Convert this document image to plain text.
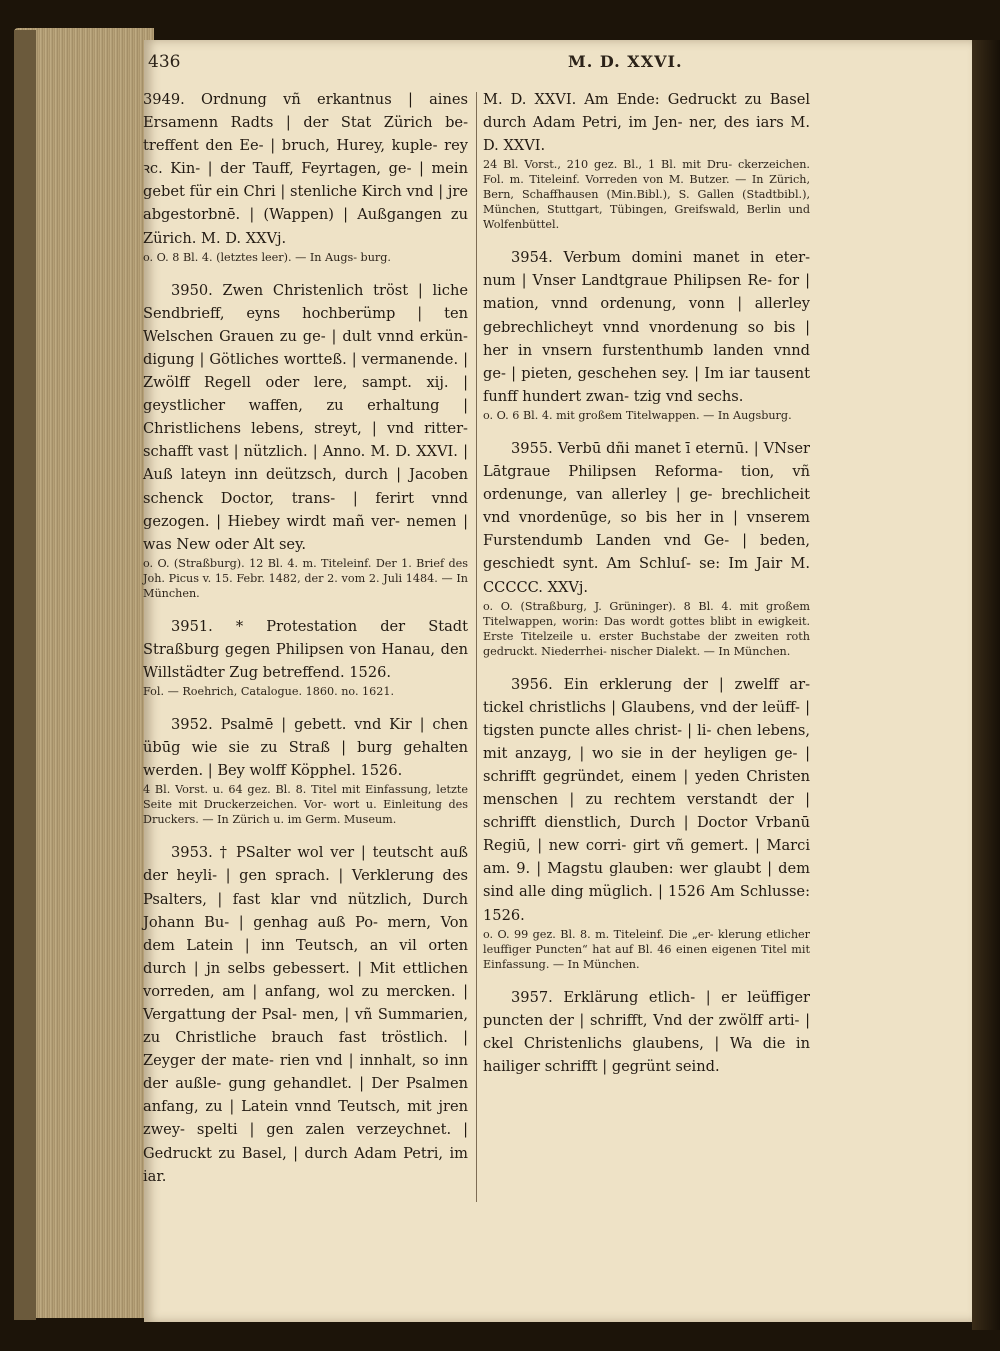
436	M. D. XXVI.

3949. Ordnung vñ erkantnus | aines Ersamenn Radts | der Stat Zürich be- treffent den Ee- | bruch, Hurey, kuple- rey ꝛc. Kin- | der Tauff, Feyrtagen, ge- | mein gebet für ein Chri | stenliche Kirch vnd | jre abgestorbnē. | (Wappen) | Außgangen zu Zürich. M. D. XXVj.

o. O. 8 Bl. 4. (letztes leer). — In Augs- burg.

3950. Zwen Christenlich tröst | liche Sendbrieff, eyns hochberümp | ten Welschen Grauen zu ge- | dult vnnd erkün- digung | Götliches wortteß. | vermanende. | Zwölff Regell oder lere, sampt. xij. | geystlicher waffen, zu erhaltung | Christlichens lebens, streyt, | vnd ritter- schafft vast | nützlich. | Anno. M. D. XXVI. | Auß lateyn inn deützsch, durch | Jacoben schenck Doctor, trans- | ferirt vnnd gezogen. | Hiebey wirdt mañ ver- nemen | was New oder Alt sey.

o. O. (Straßburg). 12 Bl. 4. m. Titeleinf. Der 1. Brief des Joh. Picus v. 15. Febr. 1482, der 2. vom 2. Juli 1484. — In München.

3951. * Protestation der Stadt Straßburg gegen Philipsen von Hanau, den Willstädter Zug betreffend. 1526.

Fol. — Roehrich, Catalogue. 1860. no. 1621.

3952. Psalmē | gebett. vnd Kir | chen übūg wie sie zu Straß | burg gehalten werden. | Bey wolff Köpphel. 1526.

4 Bl. Vorst. u. 64 gez. Bl. 8. Titel mit Einfassung, letzte Seite mit Druckerzeichen. Vor- wort u. Einleitung des Druckers. — In Zürich u. im Germ. Museum.

3953. † PSalter wol ver | teutscht auß der heyli- | gen sprach. | Verklerung des Psalters, | fast klar vnd nützlich, Durch Johann Bu- | genhag auß Po- mern, Von dem Latein | inn Teutsch, an vil orten durch | jn selbs gebessert. | Mit ettlichen vorreden, am | anfang, wol zu mercken. | Vergattung der Psal- men, | vñ Summarien, zu Christliche brauch fast tröstlich. | Zeyger der mate- rien vnd | innhalt, so inn der außle- gung gehandlet. | Der Psalmen anfang, zu | Latein vnnd Teutsch, mit jren zwey- spelti | gen zalen verzeychnet. | Gedruckt zu Basel, | durch Adam Petri, im iar.

M. D. XXVI. Am Ende: Gedruckt zu Basel durch Adam Petri, im Jen- ner, des iars M. D. XXVI.

24 Bl. Vorst., 210 gez. Bl., 1 Bl. mit Dru- ckerzeichen. Fol. m. Titeleinf. Vorreden von M. Butzer. — In Zürich, Bern, Schaffhausen (Min.Bibl.), S. Gallen (Stadtbibl.), München, Stuttgart, Tübingen, Greifswald, Berlin und Wolfenbüttel.

3954. Verbum domini manet in eter- num | Vnser Landtgraue Philipsen Re- for | mation, vnnd ordenung, vonn | allerley gebrechlicheyt vnnd vnordenung so bis | her in vnsern furstenthumb landen vnnd ge- | pieten, geschehen sey. | Im iar tausent funff hundert zwan- tzig vnd sechs.

o. O. 6 Bl. 4. mit großem Titelwappen. — In Augsburg.

3955. Verbū dñi manet ī eternū. | VNser Lātgraue Philipsen Reforma- tion, vñ ordenunge, van allerley | ge- brechlicheit vnd vnordenūge, so bis her in | vnserem Furstendumb Landen vnd Ge- | beden, geschiedt synt. Am Schluſ- se: Im Jair M. CCCCC. XXVj.

o. O. (Straßburg, J. Grüninger). 8 Bl. 4. mit großem Titelwappen, worin: Das wordt gottes blibt in ewigkeit. Erste Titelzeile u. erster Buchstabe der zweiten roth gedruckt. Niederrhei- nischer Dialekt. — In München.

3956. Ein erklerung der | zwelff ar- tickel christlichs | Glaubens, vnd der leüff- | tigsten puncte alles christ- | li- chen lebens, mit anzayg, | wo sie in der heyligen ge- | schrifft gegründet, einem | yeden Christen menschen | zu rechtem verstandt der | schrifft dienstlich, Durch | Doctor Vrbanū Regiū, | new corri- girt vñ gemert. | Marci am. 9. | Magstu glauben: wer glaubt | dem sind alle ding müglich. | 1526 Am Schlusse: 1526.

o. O. 99 gez. Bl. 8. m. Titeleinf. Die „er- klerung etlicher leuffiger Puncten“ hat auf Bl. 46 einen eigenen Titel mit Einfassung. — In München.

3957. Erklärung etlich- | er leüffiger puncten der | schrifft, Vnd der zwölff arti- | ckel Christenlichs glaubens, | Wa die in hailiger schrifft | gegrünt seind.
